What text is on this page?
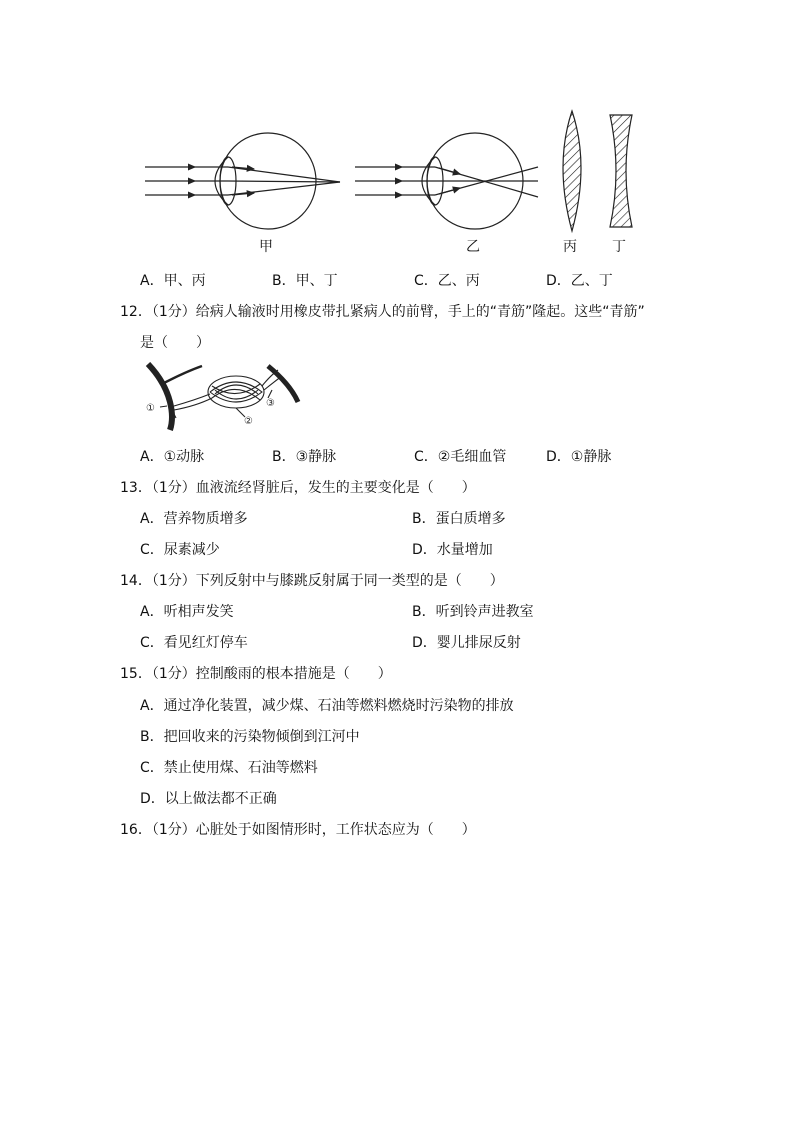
甲	乙	丙	丁
A．甲、丙	B．甲、丁	C．乙、丙	D．乙、丁
12．（1分）给病人输液时用橡皮带扎紧病人的前臂，手上的“青筋”隆起。这些“青筋”
是（　　）
①
②
③
A．①动脉	B．③静脉	C．②毛细血管	D．①静脉
13．（1分）血液流经肾脏后，发生的主要变化是（　　）
A．营养物质增多	B．蛋白质增多
C．尿素减少	D．水量增加
14．（1分）下列反射中与膝跳反射属于同一类型的是（　　）
A．听相声发笑	B．听到铃声进教室
C．看见红灯停车	D．婴儿排尿反射
15．（1分）控制酸雨的根本措施是（　　）
A．通过净化装置，减少煤、石油等燃料燃烧时污染物的排放
B．把回收来的污染物倾倒到江河中
C．禁止使用煤、石油等燃料
D．以上做法都不正确
16．（1分）心脏处于如图情形时，工作状态应为（　　）
